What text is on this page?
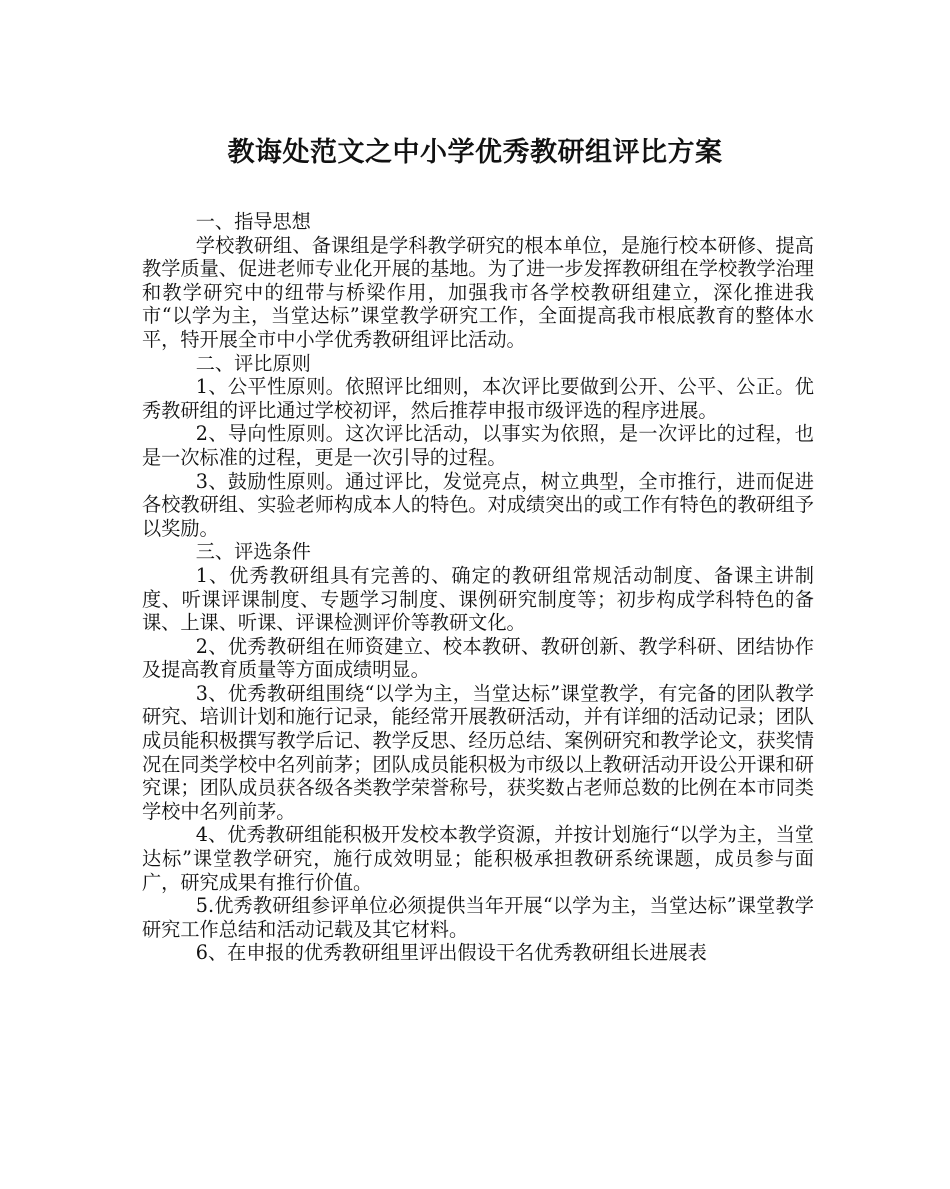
教诲处范文之中小学优秀教研组评比方案

一、指导思想

学校教研组、备课组是学科教学研究的根本单位，是施行校本研修、提高教学质量、促进老师专业化开展的基地。为了进一步发挥教研组在学校教学治理和教学研究中的纽带与桥梁作用，加强我市各学校教研组建立，深化推进我市“以学为主，当堂达标”课堂教学研究工作，全面提高我市根底教育的整体水平，特开展全市中小学优秀教研组评比活动。

二、评比原则

1、公平性原则。依照评比细则，本次评比要做到公开、公平、公正。优秀教研组的评比通过学校初评，然后推荐申报市级评选的程序进展。

2、导向性原则。这次评比活动，以事实为依照，是一次评比的过程，也是一次标准的过程，更是一次引导的过程。

3、鼓励性原则。通过评比，发觉亮点，树立典型，全市推行，进而促进各校教研组、实验老师构成本人的特色。对成绩突出的或工作有特色的教研组予以奖励。

三、评选条件

1、优秀教研组具有完善的、确定的教研组常规活动制度、备课主讲制度、听课评课制度、专题学习制度、课例研究制度等；初步构成学科特色的备课、上课、听课、评课检测评价等教研文化。

2、优秀教研组在师资建立、校本教研、教研创新、教学科研、团结协作及提高教育质量等方面成绩明显。

3、优秀教研组围绕“以学为主，当堂达标”课堂教学，有完备的团队教学研究、培训计划和施行记录，能经常开展教研活动，并有详细的活动记录；团队成员能积极撰写教学后记、教学反思、经历总结、案例研究和教学论文，获奖情况在同类学校中名列前茅；团队成员能积极为市级以上教研活动开设公开课和研究课；团队成员获各级各类教学荣誉称号，获奖数占老师总数的比例在本市同类学校中名列前茅。

4、优秀教研组能积极开发校本教学资源，并按计划施行“以学为主，当堂达标”课堂教学研究，施行成效明显；能积极承担教研系统课题，成员参与面广，研究成果有推行价值。

5.优秀教研组参评单位必须提供当年开展“以学为主，当堂达标”课堂教学研究工作总结和活动记载及其它材料。

6、在申报的优秀教研组里评出假设干名优秀教研组长进展表
